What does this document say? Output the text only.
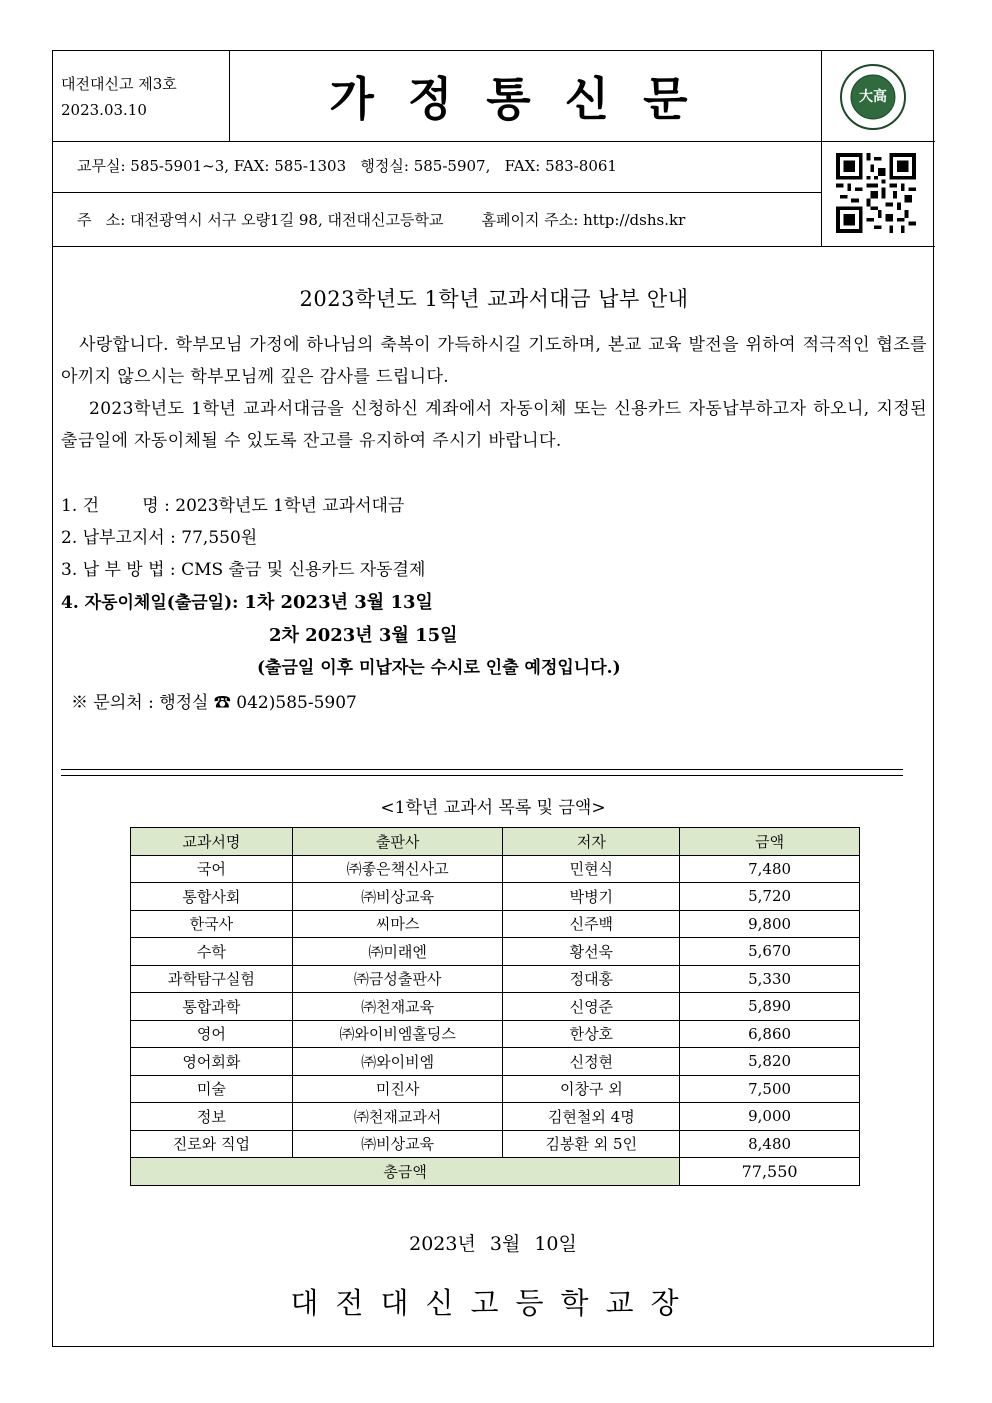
대전대신고 제3호
2023.03.10	가정통신문	大高
교무실: 585-5901~3, FAX: 585-1303   행정실: 585-5907,   FAX: 583-8061
주   소: 대전광역시 서구 오량1길 98, 대전대신고등학교        홈페이지 주소: http://dshs.kr
2023학년도 1학년 교과서대금 납부 안내

사랑합니다. 학부모님 가정에 하나님의 축복이 가득하시길 기도하며, 본교 교육 발전을 위하여 적극적인 협조를 아끼지 않으시는 학부모님께 깊은 감사를 드립니다.

2023학년도 1학년 교과서대금을 신청하신 계좌에서 자동이체 또는 신용카드 자동납부하고자 하오니, 지정된 출금일에 자동이체될 수 있도록 잔고를 유지하여 주시기 바랍니다.

1. 건        명 : 2023학년도 1학년 교과서대금
2. 납부고지서 : 77,550원
3. 납 부 방 법 : CMS 출금 및 신용카드 자동결제
4. 자동이체일(출금일): 1차 2023년 3월 13일
2차 2023년 3월 15일
(출금일 이후 미납자는 수시로 인출 예정입니다.)
※ 문의처 : 행정실 ☎ 042)585-5907
<1학년 교과서 목록 및 금액>
교과서명	출판사	저자	금액
국어	㈜좋은책신사고	민현식	7,480
통합사회	㈜비상교육	박병기	5,720
한국사	씨마스	신주백	9,800
수학	㈜미래엔	황선욱	5,670
과학탐구실험	㈜금성출판사	정대홍	5,330
통합과학	㈜천재교육	신영준	5,890
영어	㈜와이비엠홀딩스	한상호	6,860
영어회화	㈜와이비엠	신정현	5,820
미술	미진사	이창구 외	7,500
정보	㈜천재교과서	김현철외 4명	9,000
진로와 직업	㈜비상교육	김봉환 외 5인	8,480
총금액			77,550
2023년 3월 10일
대전대신고등학교장
